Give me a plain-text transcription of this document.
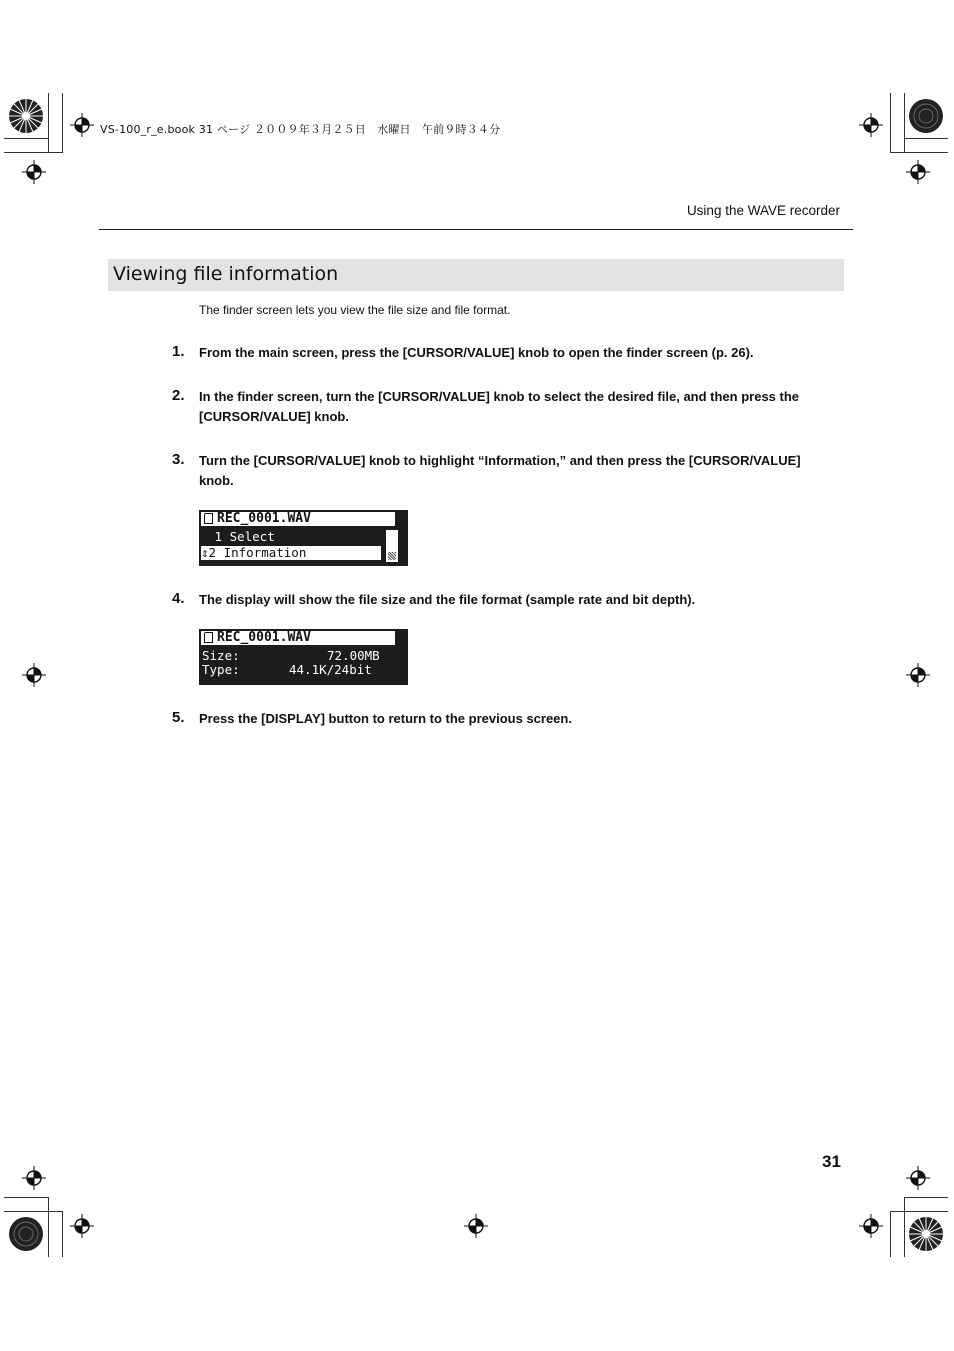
VS-100_r_e.book 31 ページ ２００９年３月２５日　水曜日　午前９時３４分
Using the WAVE recorder
Viewing file information
The finder screen lets you view the file size and file format.
1. From the main screen, press the [CURSOR/VALUE] knob to open the finder screen (p. 26).
2. In the finder screen, turn the [CURSOR/VALUE] knob to select the desired file, and then press the [CURSOR/VALUE] knob.
3. Turn the [CURSOR/VALUE] knob to highlight “Information,” and then press the [CURSOR/VALUE] knob.
REC_0001.WAV
1 Select
⇕2 Information
4. The display will show the file size and the file format (sample rate and bit depth).
REC_0001.WAV
Size:	72.00MB
Type:	44.1K/24bit
5. Press the [DISPLAY] button to return to the previous screen.
31
